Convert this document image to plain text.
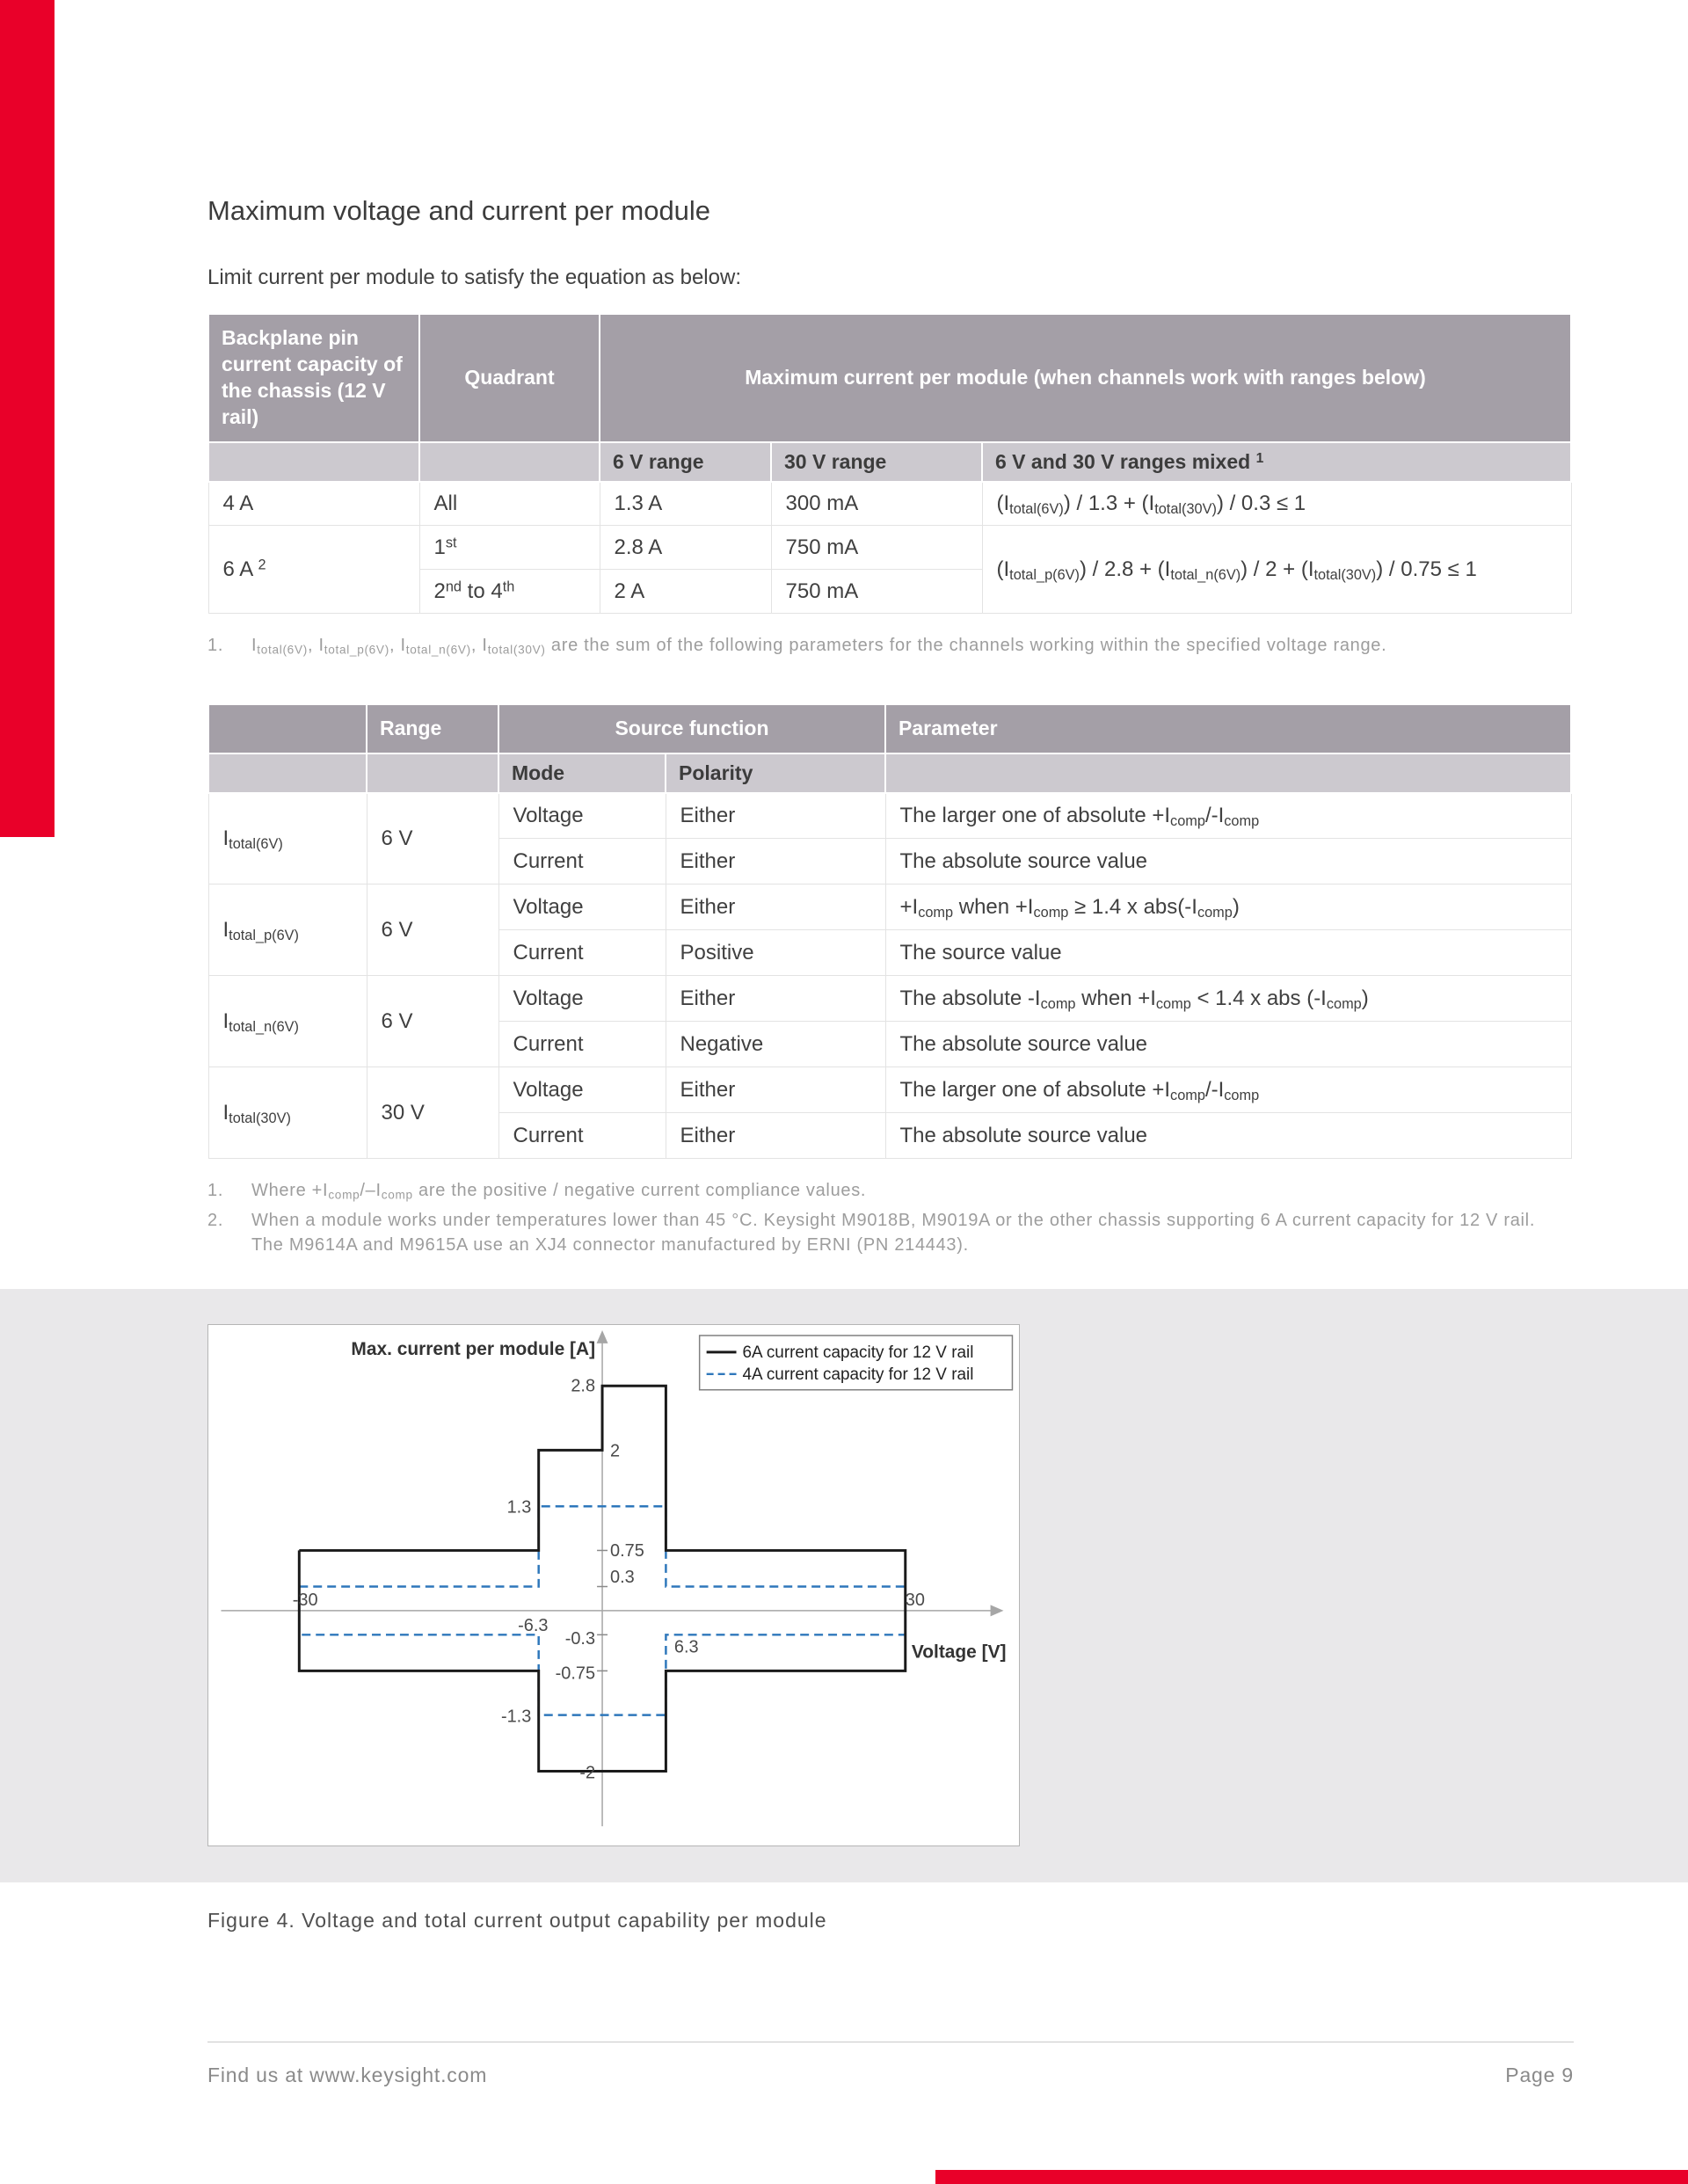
Maximum voltage and current per module

Limit current per module to satisfy the equation as below:

Backplane pin current capacity of the chassis (12 V rail)	Quadrant	Maximum current per module (when channels work with ranges below)		
		6 V range	30 V range	6 V and 30 V ranges mixed $^1$
4 A	All	1.3 A	300 mA	$(I_{total(6V)}) / 1.3 + (I_{total(30V)}) / 0.3 \le 1$
6 A $^2$	1st	2.8 A	750 mA	$(I_{total\_p(6V)}) / 2.8 + (I_{total\_n(6V)}) / 2 + (I_{total(30V)}) / 0.75 \le 1$
	2nd to 4th	2 A	750 mA	
1.	$I_{total(6V)}$, $I_{total\_p(6V)}$, $I_{total\_n(6V)}$, $I_{total(30V)}$ are the sum of the following parameters for the channels working within the specified voltage range.
	Range	Source function		Parameter
		Mode	Polarity	
$I_{total(6V)}$	6 V	Voltage	Either	The larger one of absolute $+I_{comp}/-I_{comp}$
		Current	Either	The absolute source value
$I_{total\_p(6V)}$	6 V	Voltage	Either	$+I_{comp}$ when $+I_{comp} \ge 1.4$ x $abs(-I_{comp})$
		Current	Positive	The source value
$I_{total\_n(6V)}$	6 V	Voltage	Either	The absolute $-I_{comp}$ when $+I_{comp} < 1.4$ x abs $(-I_{comp})$
		Current	Negative	The absolute source value
$I_{total(30V)}$	30 V	Voltage	Either	The larger one of absolute $+I_{comp}/-I_{comp}$
		Current	Either	The absolute source value
1.	Where $+I_{comp}/-I_{comp}$ are the positive / negative current compliance values.
2.	When a module works under temperatures lower than 45 °C. Keysight M9018B, M9019A or the other chassis supporting 6 A current capacity for 12 V rail. The M9614A and M9615A use an XJ4 connector manufactured by ERNI (PN 214443).
2.8
2
1.3
0.75
0.3
-0.3
-0.75
-1.3
-2
-30
-6.3
6.3
30
Max. current per module [A]
Voltage [V]
6A current capacity for 12 V rail
4A current capacity for 12 V rail

Figure 4. Voltage and total current output capability per module

Find us at www.keysight.com	Page 9
